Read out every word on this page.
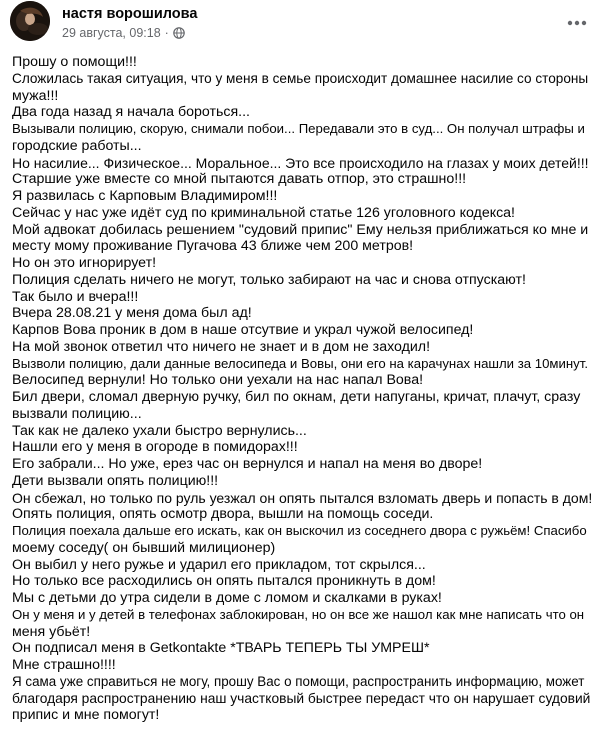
настя ворошилова
29 августа, 09:18 ·
Прошу о помощи!!!
Сложилась такая ситуация, что у меня в семье происходит домашнее насилие со стороны
мужа!!!
Два года назад я начала бороться...
Вызывали полицию, скорую, снимали побои... Передавали это в суд... Он получал штрафы и
городские работы...
Но насилие... Физическое... Моральное... Это все происходило на глазах у моих детей!!!
Старшие уже вместе со мной пытаются давать отпор, это страшно!!!
Я развилась с Карповым Владимиром!!!
Сейчас у нас уже идёт суд по криминальной статье 126 уголовного кодекса!
Мой адвокат добилась решением "судовий припис" Ему нельзя приближаться ко мне и
месту мому проживание Пугачова 43 ближе чем 200 метров!
Но он это игнорирует!
Полиция сделать ничего не могут, только забирают на час и снова отпускают!
Так было и вчера!!!
Вчера 28.08.21 у меня дома был ад!
Карпов Вова проник в дом в наше отсутвие и украл чужой велосипед!
На мой звонок ответил что ничего не знает и в дом не заходил!
Вызволи полицию, дали данные велосипеда и Вовы, они его на карачунах нашли за 10минут.
Велосипед вернули! Но только они уехали на нас напал Вова!
Бил двери, сломал дверную ручку, бил по окнам, дети напуганы, кричат, плачут, сразу
вызвали полицию...
Так как не далеко ухали быстро вернулись...
Нашли его у меня в огороде в помидорах!!!
Его забрали... Но уже, ерез час он вернулся и напал на меня во дворе!
Дети вызвали опять полицию!!!
Он сбежал, но только по руль уезжал он опять пытался взломать дверь и попасть в дом!
Опять полиция, опять осмотр двора, вышли на помощь соседи.
Полиция поехала дальше его искать, как он выскочил из соседнего двора с ружьём! Спасибо
моему соседу( он бывший милиционер)
Он выбил у него ружье и ударил его прикладом, тот скрылся...
Но только все расходились он опять пытался проникнуть в дом!
Мы с детьми до утра сидели в доме с ломом и скалками в руках!
Он у меня и у детей в телефонах заблокирован, но он все же нашол как мне написать что он
меня убьёт!
Он подписал меня в Getkontakte *ТВАРЬ ТЕПЕРЬ ТЫ УМРЕШ*
Мне страшно!!!!
Я сама уже справиться не могу, прошу Вас о помощи, распространить информацию, может
благодаря распространению наш участковый быстрее передаст что он нарушает судовий
припис и мне помогут!
